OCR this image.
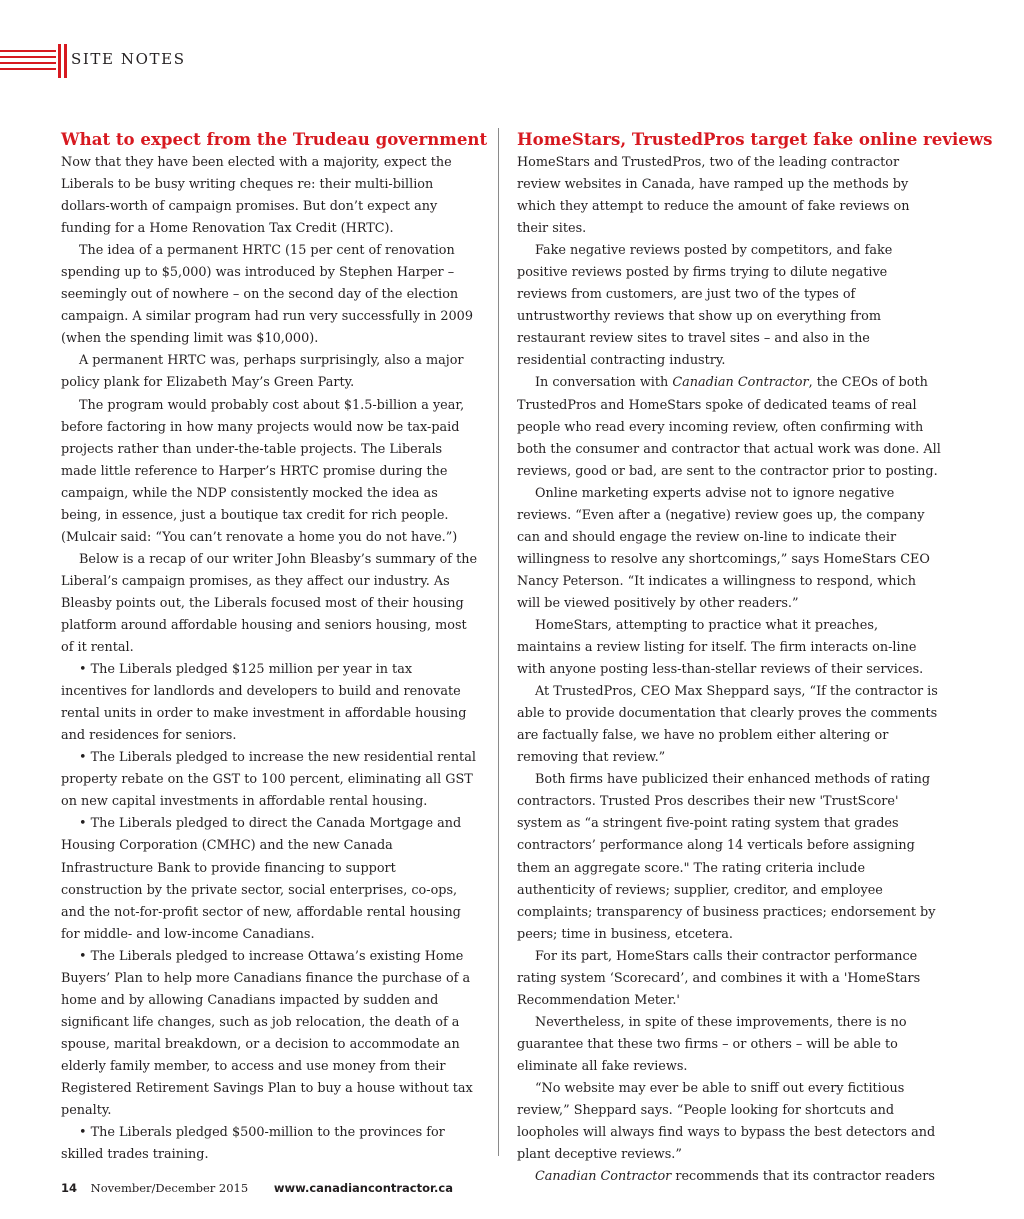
SITE NOTES
What to expect from the Trudeau government

Now that they have been elected with a majority, expect the Liberals to be busy writing cheques re: their multi-billion dollars-worth of campaign promises. But don’t expect any funding for a Home Renovation Tax Credit (HRTC).

The idea of a permanent HRTC (15 per cent of renovation spending up to $5,000) was introduced by Stephen Harper – seemingly out of nowhere – on the second day of the election campaign. A similar program had run very successfully in 2009 (when the spending limit was $10,000).

A permanent HRTC was, perhaps surprisingly, also a major policy plank for Elizabeth May’s Green Party.

The program would probably cost about $1.5-billion a year, before factoring in how many projects would now be tax-paid projects rather than under-the-table projects. The Liberals made little reference to Harper’s HRTC promise during the campaign, while the NDP consistently mocked the idea as being, in essence, just a boutique tax credit for rich people. (Mulcair said: “You can’t renovate a home you do not have.”)

Below is a recap of our writer John Bleasby’s summary of the Liberal’s campaign promises, as they affect our industry. As Bleasby points out, the Liberals focused most of their housing platform around affordable housing and seniors housing, most of it rental.

• The Liberals pledged $125 million per year in tax incentives for landlords and developers to build and renovate rental units in order to make investment in affordable housing and residences for seniors.

• The Liberals pledged to increase the new residential rental property rebate on the GST to 100 percent, eliminating all GST on new capital investments in affordable rental housing.

• The Liberals pledged to direct the Canada Mortgage and Housing Corporation (CMHC) and the new Canada Infrastructure Bank to provide financing to support construction by the private sector, social enterprises, co-ops, and the not-for-profit sector of new, affordable rental housing for middle- and low-income Canadians.

• The Liberals pledged to increase Ottawa’s existing Home Buyers’ Plan to help more Canadians finance the purchase of a home and by allowing Canadians impacted by sudden and significant life changes, such as job relocation, the death of a spouse, marital breakdown, or a decision to accommodate an elderly family member, to access and use money from their Registered Retirement Savings Plan to buy a house without tax penalty.

• The Liberals pledged $500-million to the provinces for skilled trades training.

HomeStars, TrustedPros target fake online reviews

HomeStars and TrustedPros, two of the leading contractor review websites in Canada, have ramped up the methods by which they attempt to reduce the amount of fake reviews on their sites.

Fake negative reviews posted by competitors, and fake positive reviews posted by firms trying to dilute negative reviews from customers, are just two of the types of untrustworthy reviews that show up on everything from restaurant review sites to travel sites – and also in the residential contracting industry.

In conversation with Canadian Contractor, the CEOs of both TrustedPros and HomeStars spoke of dedicated teams of real people who read every incoming review, often confirming with both the consumer and contractor that actual work was done. All reviews, good or bad, are sent to the contractor prior to posting.

Online marketing experts advise not to ignore negative reviews. “Even after a (negative) review goes up, the company can and should engage the review on-line to indicate their willingness to resolve any shortcomings,” says HomeStars CEO Nancy Peterson. “It indicates a willingness to respond, which will be viewed positively by other readers.”

HomeStars, attempting to practice what it preaches, maintains a review listing for itself. The firm interacts on-line with anyone posting less-than-stellar reviews of their services.

At TrustedPros, CEO Max Sheppard says, “If the contractor is able to provide documentation that clearly proves the comments are factually false, we have no problem either altering or removing that review.”

Both firms have publicized their enhanced methods of rating contractors. Trusted Pros describes their new 'TrustScore' system as “a stringent five-point rating system that grades contractors’ performance along 14 verticals before assigning them an aggregate score." The rating criteria include authenticity of reviews; supplier, creditor, and employee complaints; transparency of business practices; endorsement by peers; time in business, etcetera.

For its part, HomeStars calls their contractor performance rating system ‘Scorecard’, and combines it with a 'HomeStars Recommendation Meter.'

Nevertheless, in spite of these improvements, there is no guarantee that these two firms – or others – will be able to eliminate all fake reviews.

“No website may ever be able to sniff out every fictitious review,” Sheppard says. “People looking for shortcuts and loopholes will always find ways to bypass the best detectors and plant deceptive reviews.”

Canadian Contractor recommends that its contractor readers

14 November/December 2015 www.canadiancontractor.ca
